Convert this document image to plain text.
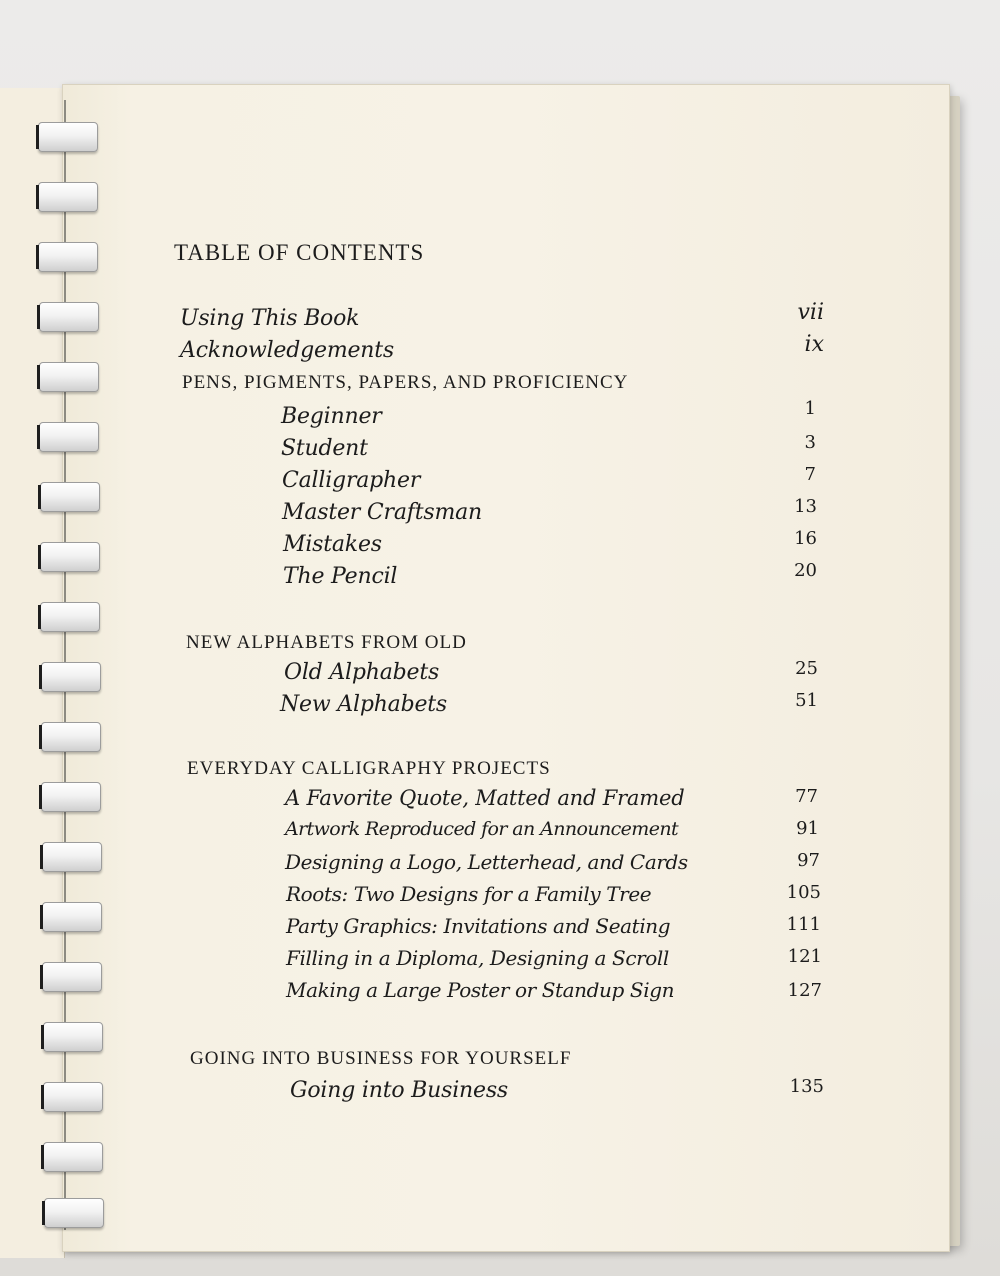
TABLE OF CONTENTS
Using This Book	vii
Acknowledgements	ix
PENS, PIGMENTS, PAPERS, AND PROFICIENCY
Beginner	1
Student	3
Calligrapher	7
Master Craftsman	13
Mistakes	16
The Pencil	20
NEW ALPHABETS FROM OLD
Old Alphabets	25
New Alphabets	51
EVERYDAY CALLIGRAPHY PROJECTS
A Favorite Quote, Matted and Framed	77
Artwork Reproduced for an Announcement	91
Designing a Logo, Letterhead, and Cards	97
Roots: Two Designs for a Family Tree	105
Party Graphics: Invitations and Seating	111
Filling in a Diploma, Designing a Scroll	121
Making a Large Poster or Standup Sign	127
GOING INTO BUSINESS FOR YOURSELF
Going into Business	135
